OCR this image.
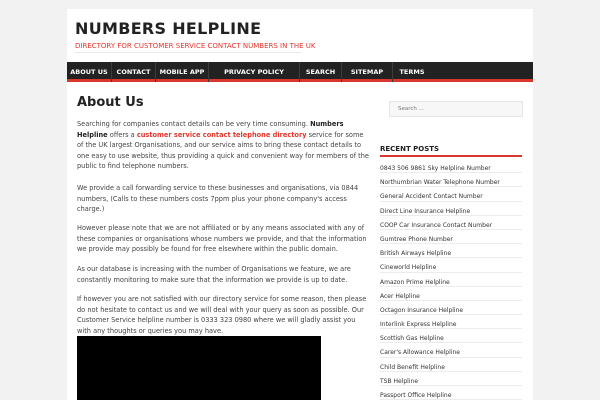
NUMBERS HELPLINE
DIRECTORY FOR CUSTOMER SERVICE CONTACT NUMBERS IN THE UK
ABOUT US	CONTACT	MOBILE APP	PRIVACY POLICY	SEARCH	SITEMAP	TERMS
About Us

Searching for companies contact details can be very time consuming. Numbers Helpline offers a customer service contact telephone directory service for some of the UK largest Organisations, and our service aims to bring these contact details to one easy to use website, thus providing a quick and convenient way for members of the public to find telephone numbers.

We provide a call forwarding service to these businesses and organisations, via 0844 numbers, (Calls to these numbers costs 7ppm plus your phone company's access charge.)

However please note that we are not affiliated or by any means associated with any of these companies or organisations whose numbers we provide, and that the information we provide may possibly be found for free elsewhere within the public domain.

As our database is increasing with the number of Organisations we feature, we are constantly monitoring to make sure that the information we provide is up to date.

If however you are not satisfied with our directory service for some reason, then please do not hesitate to contact us and we will deal with your query as soon as possible. Our Customer Service helpline number is 0333 323 0980 where we will gladly assist you with any thoughts or queries you may have.

Search ...
RECENT POSTS
0843 506 9861 Sky Helpline Number
Northumbrian Water Telephone Number
General Accident Contact Number
Direct Line Insurance Helpline
COOP Car Insurance Contact Number
Gumtree Phone Number
British Airways Helpline
Cineworld Helpline
Amazon Prime Helpline
Acer Helpline
Octagon Insurance Helpline
Interlink Express Helpline
Scottish Gas Helpline
Carer's Allowance Helpline
Child Benefit Helpline
TSB Helpline
Passport Office Helpline
